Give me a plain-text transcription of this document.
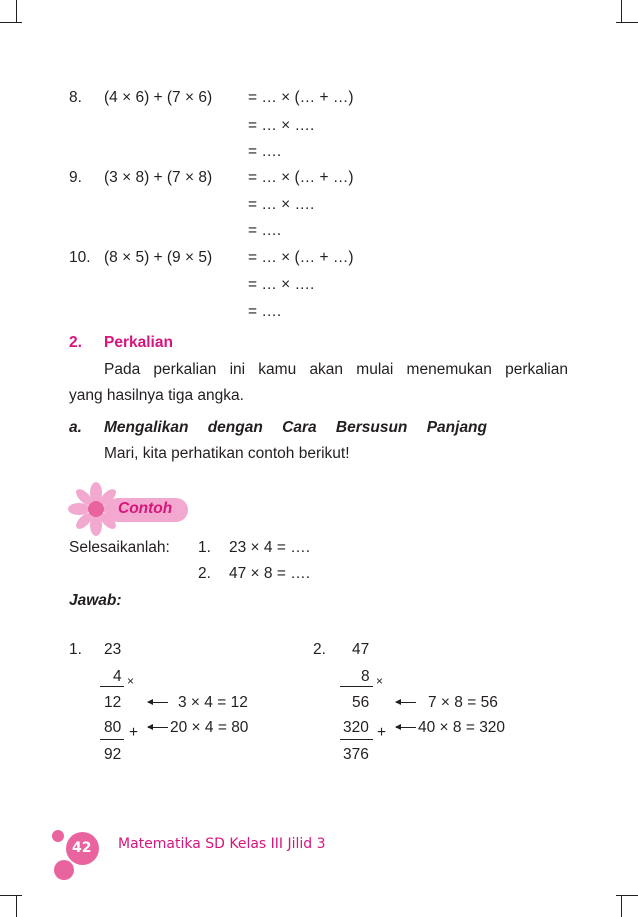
8. (4 × 6) + (7 × 6) = … × (… + …)
= … × ….
= ….
9. (3 × 8) + (7 × 8) = … × (… + …)
= … × ….
= ….
10. (8 × 5) + (9 × 5) = … × (… + …)
= … × ….
= ….
2. Perkalian
Pada perkalian ini kamu akan mulai menemukan perkalian
yang hasilnya tiga angka.
a. Mengalikan dengan Cara Bersusun Panjang
Mari, kita perhatikan contoh berikut!
Contoh
Selesaikanlah: 1. 23 × 4 = ….
2. 47 × 8 = ….
Jawab:
1. 23
4 ×
12	3 × 4 = 12
80 + 20 × 4 = 80
92
2. 47
8 ×
56	7 × 8 = 56
320 + 40 × 8 = 320
376
42 Matematika SD Kelas III Jilid 3
